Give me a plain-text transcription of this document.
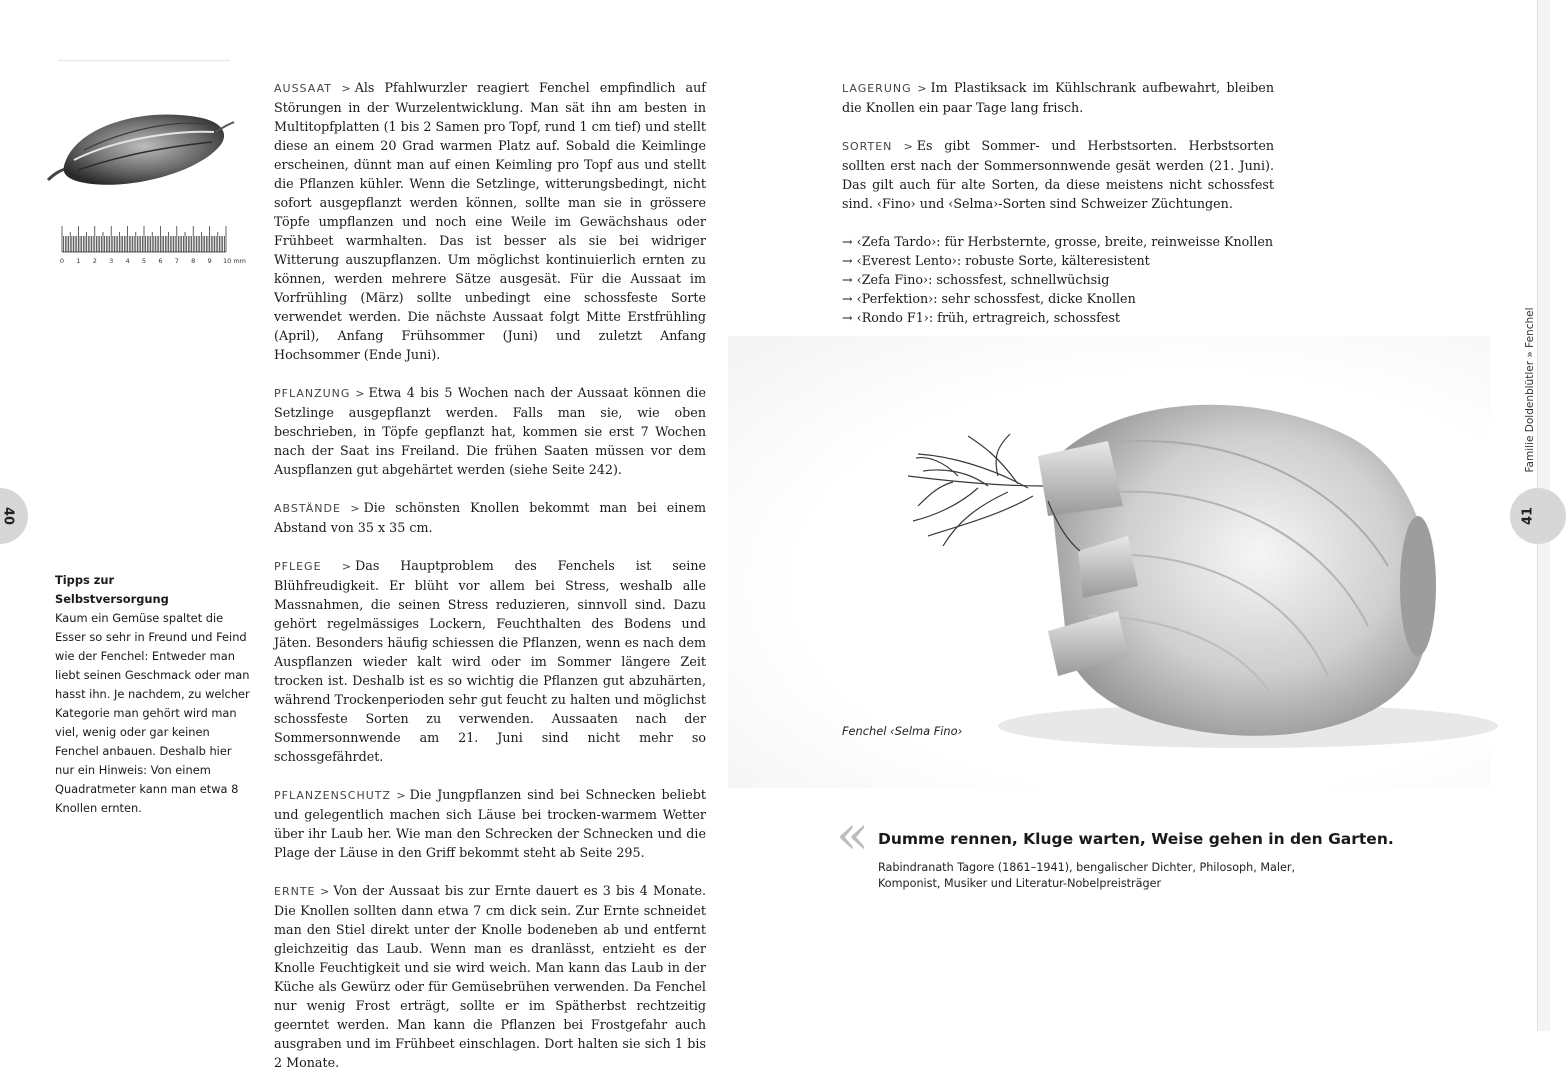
40	41
Familie Doldenblütler » Fenchel
0 1 2 3 4 5 6 7 8 9 10 mm
AUSSAAT > Als Pfahlwurzler reagiert Fenchel empfindlich auf Störungen in der Wurzelentwicklung. Man sät ihn am besten in Multitopfplatten (1 bis 2 Samen pro Topf, rund 1 cm tief) und stellt diese an einem 20 Grad warmen Platz auf. Sobald die Keimlinge erscheinen, dünnt man auf einen Keimling pro Topf aus und stellt die Pflanzen kühler. Wenn die Setzlinge, witterungsbedingt, nicht sofort ausgepflanzt werden können, sollte man sie in grössere Töpfe umpflanzen und noch eine Weile im Gewächshaus oder Frühbeet warmhalten. Das ist besser als sie bei widriger Witterung auszupflanzen. Um möglichst kontinuierlich ernten zu können, werden mehrere Sätze ausgesät. Für die Aussaat im Vorfrühling (März) sollte unbedingt eine schossfeste Sorte verwendet werden. Die nächste Aussaat folgt Mitte Erstfrühling (April), Anfang Frühsommer (Juni) und zuletzt Anfang Hochsommer (Ende Juni).
PFLANZUNG > Etwa 4 bis 5 Wochen nach der Aussaat können die Setzlinge ausgepflanzt werden. Falls man sie, wie oben beschrieben, in Töpfe gepflanzt hat, kommen sie erst 7 Wochen nach der Saat ins Freiland. Die frühen Saaten müssen vor dem Auspflanzen gut abgehärtet werden (siehe Seite 242).
ABSTÄNDE > Die schönsten Knollen bekommt man bei einem Abstand von 35 x 35 cm.
PFLEGE >	Das Hauptproblem des Fenchels ist seine Blühfreudigkeit. Er blüht vor allem bei Stress, weshalb alle Massnahmen, die seinen Stress reduzieren, sinnvoll sind. Dazu gehört regelmässiges Lockern, Feuchthalten des Bodens und Jäten. Besonders häufig schiessen die Pflanzen, wenn es nach dem Auspflanzen wieder kalt wird oder im Sommer längere Zeit trocken ist. Deshalb ist es so wichtig die Pflanzen gut abzuhärten, während Trockenperioden sehr gut feucht zu halten und möglichst schossfeste Sorten zu verwenden. Aussaaten nach der Sommersonnwende am 21. Juni sind nicht mehr so schossgefährdet.
PFLANZENSCHUTZ > Die Jungpflanzen sind bei Schnecken beliebt und gelegentlich machen sich Läuse bei trocken-warmem Wetter über ihr Laub her. Wie man den Schrecken der Schnecken und die Plage der Läuse in den Griff bekommt steht ab Seite 295.
ERNTE > Von der Aussaat bis zur Ernte dauert es 3 bis 4 Monate. Die Knollen sollten dann etwa 7 cm dick sein. Zur Ernte schneidet man den Stiel direkt unter der Knolle bodeneben ab und entfernt gleichzeitig das Laub. Wenn man es dranlässt, entzieht es der Knolle Feuchtigkeit und sie wird weich. Man kann das Laub in der Küche als Gewürz oder für Gemüsebrühen verwenden. Da Fenchel nur wenig Frost erträgt, sollte er im Spätherbst rechtzeitig geerntet werden. Man kann die Pflanzen bei Frostgefahr auch ausgraben und im Frühbeet einschlagen. Dort halten sie sich 1 bis 2 Monate.
LAGERUNG > Im Plastiksack im Kühlschrank aufbewahrt, bleiben die Knollen ein paar Tage lang frisch.
SORTEN > Es gibt Sommer- und Herbstsorten. Herbstsorten sollten erst nach der Sommersonnwende gesät werden (21. Juni). Das gilt auch für alte Sorten, da diese meistens nicht schossfest sind. ‹Fino› und ‹Selma›-Sorten sind Schweizer Züchtungen.
→ ‹Zefa Tardo›: für Herbsternte, grosse, breite, reinweisse Knollen
→ ‹Everest Lento›: robuste Sorte, kälteresistent
→ ‹Zefa Fino›: schossfest, schnellwüchsig
→ ‹Perfektion›: sehr schossfest, dicke Knollen
→ ‹Rondo F1›: früh, ertragreich, schossfest
Tipps zur
Selbstversorgung
Kaum ein Gemüse spaltet die Esser so sehr in Freund und Feind wie der Fenchel: Entweder man liebt seinen Geschmack oder man hasst ihn. Je nachdem, zu welcher Kategorie man gehört wird man viel, wenig oder gar keinen Fenchel anbauen. Deshalb hier nur ein Hinweis: Von einem Quadratmeter kann man etwa 8 Knollen ernten.
Fenchel ‹Selma Fino›
« Dumme rennen, Kluge warten, Weise gehen in den Garten.
Rabindranath Tagore (1861–1941), bengalischer Dichter, Philosoph, Maler, Komponist, Musiker und Literatur-Nobelpreisträger
